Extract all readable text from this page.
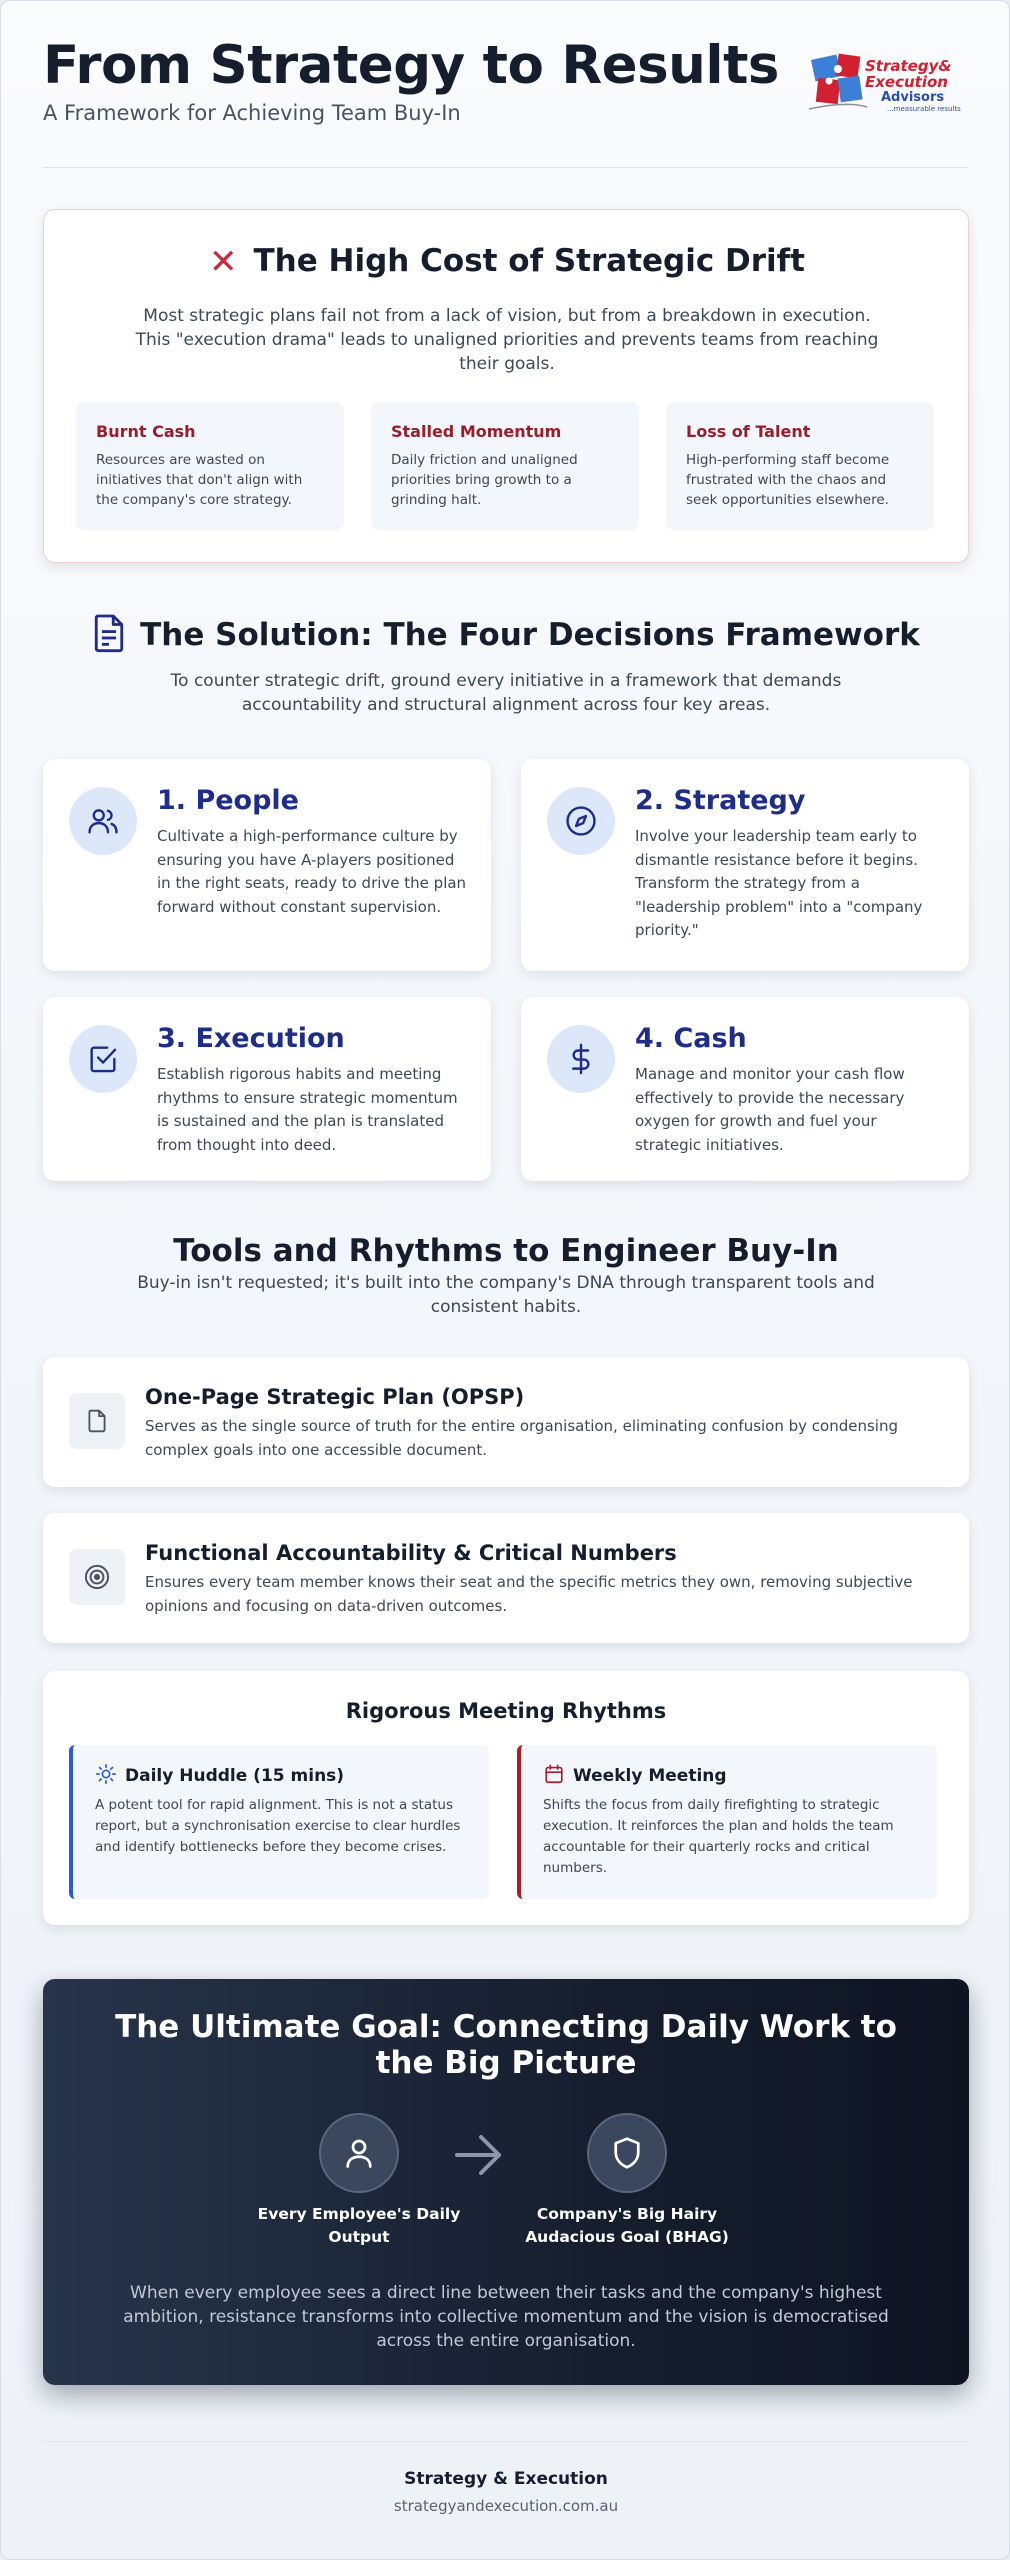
From Strategy to Results
A Framework for Achieving Team Buy-In
Strategy&
Execution
Advisors
...measurable results
✕ The High Cost of Strategic Drift
Most strategic plans fail not from a lack of vision, but from a breakdown in execution. This "execution drama" leads to unaligned priorities and prevents teams from reaching their goals.
Burnt Cash
Resources are wasted on initiatives that don't align with the company's core strategy.
Stalled Momentum
Daily friction and unaligned priorities bring growth to a grinding halt.
Loss of Talent
High-performing staff become frustrated with the chaos and seek opportunities elsewhere.
The Solution: The Four Decisions Framework
To counter strategic drift, ground every initiative in a framework that demands accountability and structural alignment across four key areas.
1. People
Cultivate a high-performance culture by ensuring you have A-players positioned in the right seats, ready to drive the plan forward without constant supervision.
2. Strategy
Involve your leadership team early to dismantle resistance before it begins. Transform the strategy from a "leadership problem" into a "company priority."
3. Execution
Establish rigorous habits and meeting rhythms to ensure strategic momentum is sustained and the plan is translated from thought into deed.
4. Cash
Manage and monitor your cash flow effectively to provide the necessary oxygen for growth and fuel your strategic initiatives.
Tools and Rhythms to Engineer Buy-In
Buy-in isn't requested; it's built into the company's DNA through transparent tools and consistent habits.
One-Page Strategic Plan (OPSP)
Serves as the single source of truth for the entire organisation, eliminating confusion by condensing complex goals into one accessible document.
Functional Accountability & Critical Numbers
Ensures every team member knows their seat and the specific metrics they own, removing subjective opinions and focusing on data-driven outcomes.
Rigorous Meeting Rhythms
Daily Huddle (15 mins)
A potent tool for rapid alignment. This is not a status report, but a synchronisation exercise to clear hurdles and identify bottlenecks before they become crises.
Weekly Meeting
Shifts the focus from daily firefighting to strategic execution. It reinforces the plan and holds the team accountable for their quarterly rocks and critical numbers.
The Ultimate Goal: Connecting Daily Work to the Big Picture
Every Employee's Daily Output
Company's Big Hairy Audacious Goal (BHAG)
When every employee sees a direct line between their tasks and the company's highest ambition, resistance transforms into collective momentum and the vision is democratised across the entire organisation.
Strategy & Execution
strategyandexecution.com.au
